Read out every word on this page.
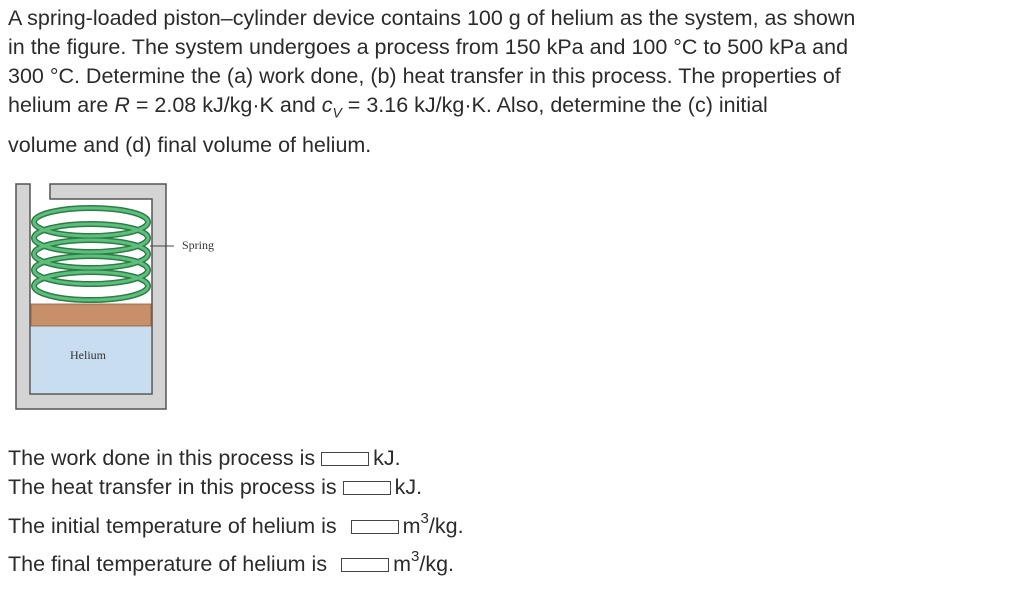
A spring-loaded piston–cylinder device contains 100 g of helium as the system, as shown
in the figure. The system undergoes a process from 150 kPa and 100 °C to 500 kPa and
300 °C. Determine the (a) work done, (b) heat transfer in this process. The properties of
helium are R = 2.08 kJ/kg·K and $c_V = 3.16$ kJ/kg·K. Also, determine the (c) initial
volume and (d) final volume of helium.
Spring
Helium
The work done in this process is	kJ.
The heat transfer in this process is	kJ.
The initial temperature of helium is	$m^3/kg$.
The final temperature of helium is	$m^3/kg$.
